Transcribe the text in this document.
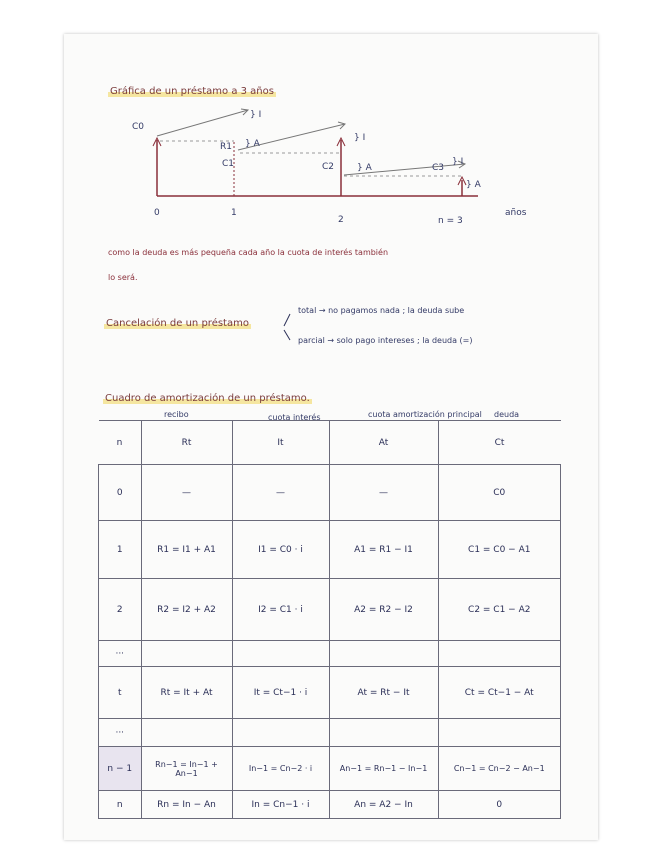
Gráfica de un préstamo a 3 años
C0
R1
C1	C2	C3
} I
} A
} I
} A
} I
} A
0	1
2	n = 3
años
como la deuda es más pequeña cada año la cuota de interés también
lo será.
Cancelación de un préstamo
total → no pagamos nada ; la deuda sube
parcial → solo pago intereses ; la deuda (=)
Cuadro de amortización de un préstamo.
recibo	cuota interés	cuota amortización principal	deuda
n	Rt	It	At	Ct
0	—	—	—	C0
1	R1 = I1 + A1	I1 = C0 · i	A1 = R1 − I1	C1 = C0 − A1
2	R2 = I2 + A2	I2 = C1 · i	A2 = R2 − I2	C2 = C1 − A2
···				
t	Rt = It + At	It = Ct−1 · i	At = Rt − It	Ct = Ct−1 − At
···				
n − 1	Rn−1 = In−1 + An−1	In−1 = Cn−2 · i	An−1 = Rn−1 − In−1	Cn−1 = Cn−2 − An−1
n	Rn = In − An	In = Cn−1 · i	An = A2 − In	0
